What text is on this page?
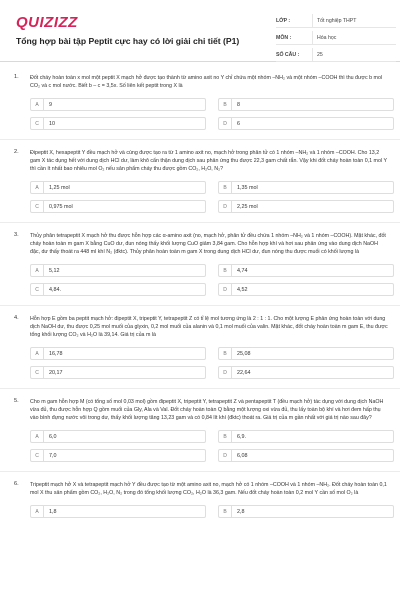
QUIZIZZ
Tổng hợp bài tập Peptit cực hay có lời giải chi tiết (P1)
LỚP :	Tốt nghiệp THPT
MÔN :	Hóa học
SỐ CÂU :	25
1. Đốt cháy hoàn toàn x mol một peptit X mạch hở được tạo thành từ amino axit no Y chỉ chứa một nhóm –NH₂ và một nhóm –COOH thì thu được b mol CO₂ và c mol nước. Biết b – c = 3,5x. Số liên kết peptit trong X là
A	9	B	8
C	10	D	6
2. Đipeptit X, hexapeptit Y đều mạch hở và cùng được tạo ra từ 1 amino axit no, mạch hở trong phân tử có 1 nhóm –NH₂ và 1 nhóm –COOH. Cho 13,2 gam X tác dụng hết với dung dịch HCl dư, làm khô cẩn thận dung dịch sau phản ứng thu được 22,3 gam chất rắn. Vậy khi đốt cháy hoàn toàn 0,1 mol Y thì cần ít nhất bao nhiêu mol O₂ nếu sản phẩm cháy thu được gồm CO₂, H₂O, N₂?
A	1,25 mol	B	1,35 mol
C	0,975 mol	D	2,25 mol
3. Thủy phân tetrapeptit X mạch hở thu được hỗn hợp các α-amino axit (no, mạch hở, phân tử đều chứa 1 nhóm –NH₂ và 1 nhóm –COOH). Mặt khác, đốt cháy hoàn toàn m gam X bằng CuO dư, đun nóng thấy khối lượng CuO giảm 3,84 gam. Cho hỗn hợp khí và hơi sau phản ứng vào dung dịch NaOH đặc, dư thấy thoát ra 448 ml khí N₂ (đktc). Thủy phân hoàn toàn m gam X trong dung dịch HCl dư, đun nóng thu được muối có khối lượng là
A	5,12	B	4,74
C	4,84.	D	4,52
4. Hỗn hợp E gồm ba peptit mạch hở: đipeptit X, tripeptit Y, tetrapeptit Z có tỉ lệ mol tương ứng là 2 : 1 : 1. Cho một lượng E phản ứng hoàn toàn với dung dịch NaOH dư, thu được 0,25 mol muối của glyxin, 0,2 mol muối của alanin và 0,1 mol muối của valin. Mặt khác, đốt cháy hoàn toàn m gam E, thu được tổng khối lượng CO₂ và H₂O là 39,14. Giá trị của m là
A	16,78	B	25,08
C	20,17	D	22,64
5. Cho m gam hỗn hợp M (có tổng số mol 0,03 mol) gồm đipeptit X, tripeptit Y, tetrapeptit Z và pentapeptit T (đều mạch hở) tác dụng với dung dịch NaOH vừa đủ, thu được hỗn hợp Q gồm muối của Gly, Ala và Val. Đốt cháy hoàn toàn Q bằng một lượng oxi vừa đủ, thu lấy toàn bộ khí và hơi đem hấp thụ vào bình đựng nước vôi trong dư, thấy khối lượng tăng 13,23 gam và có 0,84 lít khí (đktc) thoát ra. Giá trị của m gần nhất với giá trị nào sau đây?
A	6,0	B	6,9.
C	7,0	D	6,08
6. Tripeptit mạch hở X và tetrapeptit mạch hở Y đều được tạo từ một amino axit no, mạch hở có 1 nhóm –COOH và 1 nhóm –NH₂. Đốt cháy hoàn toàn 0,1 mol X thu sản phẩm gồm CO₂, H₂O, N₂ trong đó tổng khối lượng CO₂, H₂O là 36,3 gam. Nếu đốt cháy hoàn toàn 0,2 mol Y cần số mol O₂ là
A	1,8	B	2,8
